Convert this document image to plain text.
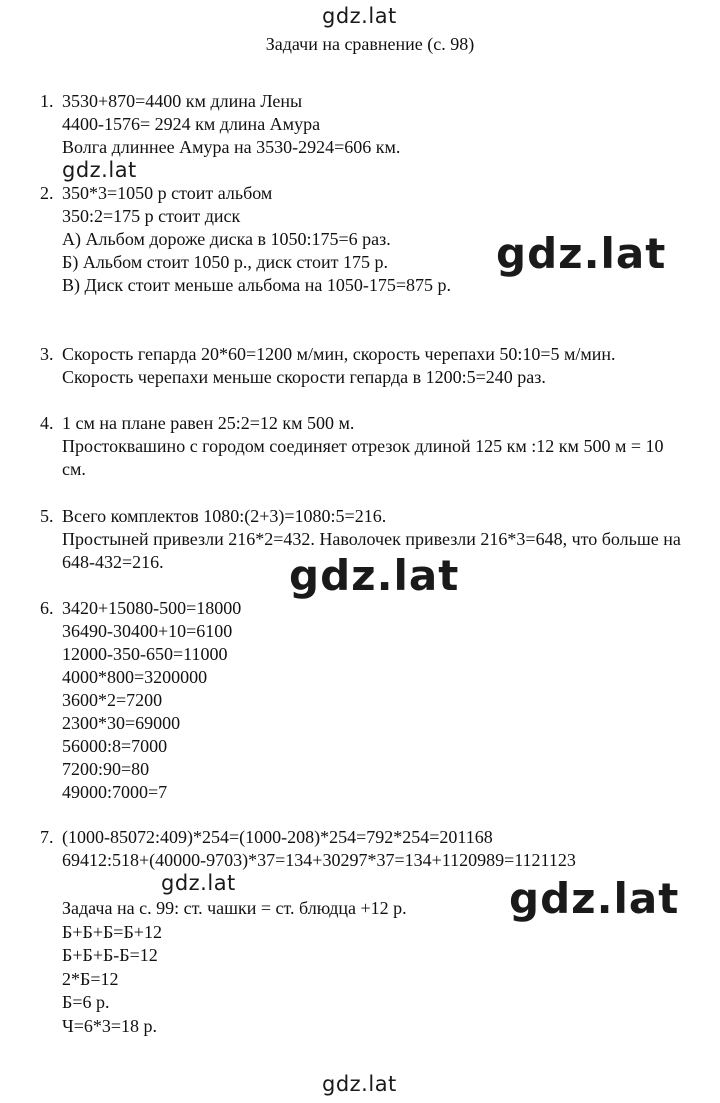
gdz.lat
gdz.lat
gdz.lat
gdz.lat
gdz.lat	gdz.lat
gdz.lat
Задачи на сравнение (с. 98)
1. 3530+870=4400 км длина Лены
4400-1576= 2924 км длина Амура
Волга длиннее Амура на 3530-2924=606 км.
2. 350*3=1050 р стоит альбом
350:2=175 р стоит диск
А) Альбом дороже диска в 1050:175=6 раз.
Б) Альбом стоит 1050 р., диск стоит 175 р.
В) Диск стоит меньше альбома на 1050-175=875 р.
3. Скорость гепарда 20*60=1200 м/мин, скорость черепахи 50:10=5 м/мин.
Скорость черепахи меньше скорости гепарда в 1200:5=240 раз.
4. 1 см на плане равен 25:2=12 км 500 м.
Простоквашино с городом соединяет отрезок длиной 125 км :12 км 500 м = 10 см.
5. Всего комплектов 1080:(2+3)=1080:5=216.
Простыней привезли 216*2=432. Наволочек привезли 216*3=648, что больше на 648-432=216.
6. 3420+15080-500=18000
36490-30400+10=6100
12000-350-650=11000
4000*800=3200000
3600*2=7200
2300*30=69000
56000:8=7000
7200:90=80
49000:7000=7
7. (1000-85072:409)*254=(1000-208)*254=792*254=201168
69412:518+(40000-9703)*37=134+30297*37=134+1120989=1121123
Задача на с. 99: ст. чашки = ст. блюдца +12 р.
Б+Б+Б=Б+12
Б+Б+Б-Б=12
2*Б=12
Б=6 р.
Ч=6*3=18 р.
